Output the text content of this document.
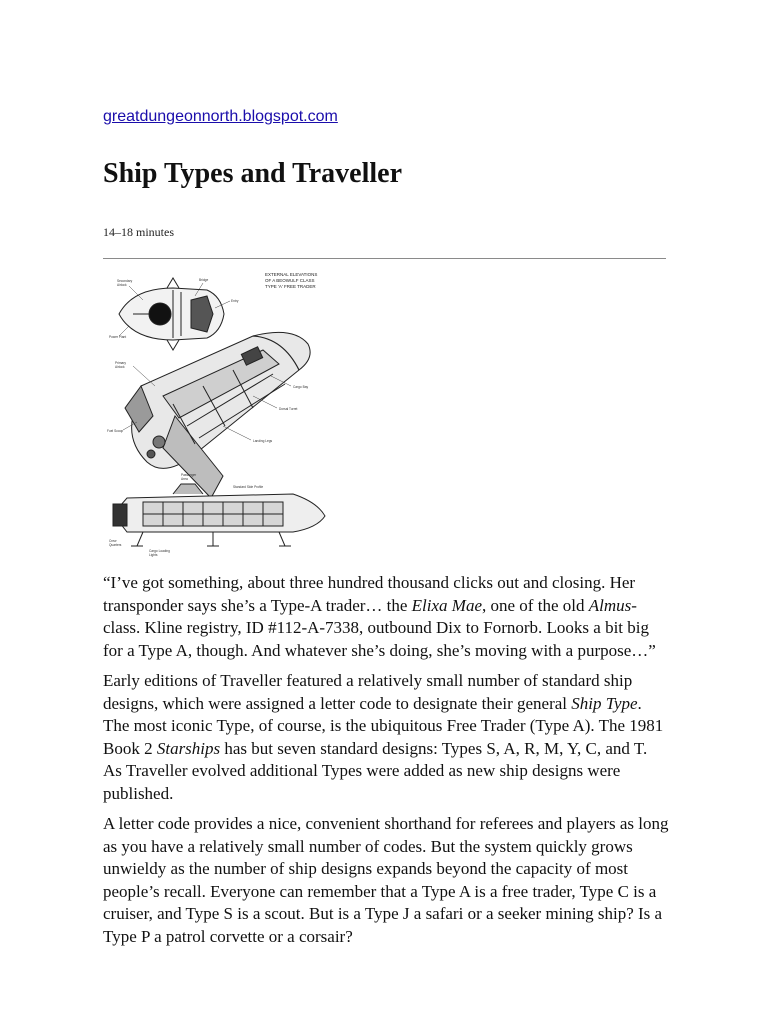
greatdungeonnorth.blogspot.com
Ship Types and Traveller
14–18 minutes
EXTERNAL ELEVATIONS
OF A BEOWULF CLASS
TYPE 'A' FREE TRADER
Secondary
Airlock
Bridge
Entry
Power Plant
Primary
Airlock
Cargo Bay
Dorsal Turret
Landing Legs
Fuel Scoop
Passenger
Area
Cargo Loading
Lights
Crew
Quarters
Standard Side Profile

“I’ve got something, about three hundred thousand clicks out and closing. Her transponder says she’s a Type-A trader… the Elixa Mae, one of the old Almus-class. Kline registry, ID #112-A-7338, outbound Dix to Fornorb. Looks a bit big for a Type A, though. And whatever she’s doing, she’s moving with a purpose…”

Early editions of Traveller featured a relatively small number of standard ship designs, which were assigned a letter code to designate their general Ship Type. The most iconic Type, of course, is the ubiquitous Free Trader (Type A). The 1981 Book 2 Starships has but seven standard designs: Types S, A, R, M, Y, C, and T. As Traveller evolved additional Types were added as new ship designs were published.

A letter code provides a nice, convenient shorthand for referees and players as long as you have a relatively small number of codes. But the system quickly grows unwieldy as the number of ship designs expands beyond the capacity of most people’s recall. Everyone can remember that a Type A is a free trader, Type C is a cruiser, and Type S is a scout. But is a Type J a safari or a seeker mining ship? Is a Type P a patrol corvette or a corsair?
